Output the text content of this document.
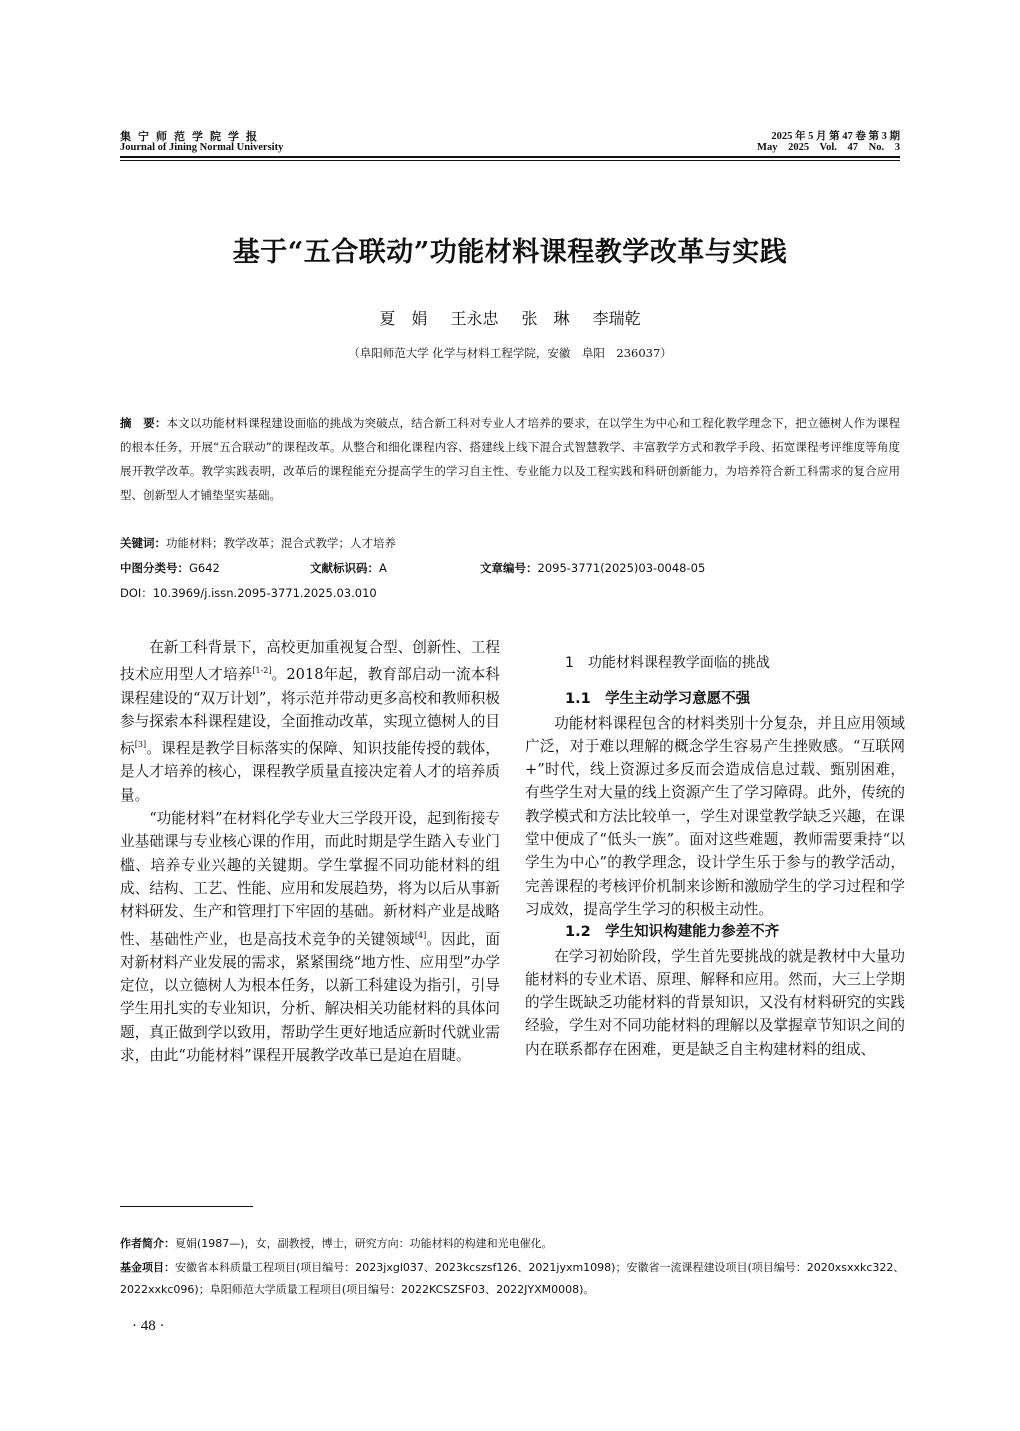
集宁师范学院学报
Journal of Jining Normal University
2025 年 5 月 第 47 卷 第 3 期
May 2025 Vol. 47 No. 3
基于“五合联动”功能材料课程教学改革与实践
夏　娟 王永忠 张　琳 李瑞乾
（阜阳师范大学 化学与材料工程学院，安徽　阜阳　236037）
摘　要：本文以功能材料课程建设面临的挑战为突破点，结合新工科对专业人才培养的要求，在以学生为中心和工程化教学理念下，把立德树人作为课程的根本任务，开展“五合联动”的课程改革。从整合和细化课程内容、搭建线上线下混合式智慧教学、丰富教学方式和教学手段、拓宽课程考评维度等角度展开教学改革。教学实践表明，改革后的课程能充分提高学生的学习自主性、专业能力以及工程实践和科研创新能力，为培养符合新工科需求的复合应用型、创新型人才铺垫坚实基础。
关键词：功能材料；教学改革；混合式教学；人才培养
中图分类号：G642	文献标识码：A	文章编号：2095-3771(2025)03-0048-05
DOI：10.3969/j.issn.2095-3771.2025.03.010

在新工科背景下，高校更加重视复合型、创新性、工程技术应用型人才培养[1-2]。2018年起，教育部启动一流本科课程建设的“双万计划”，将示范并带动更多高校和教师积极参与探索本科课程建设，全面推动改革，实现立德树人的目标[3]。课程是教学目标落实的保障、知识技能传授的载体，是人才培养的核心，课程教学质量直接决定着人才的培养质量。

“功能材料”在材料化学专业大三学段开设，起到衔接专业基础课与专业核心课的作用，而此时期是学生踏入专业门槛、培养专业兴趣的关键期。学生掌握不同功能材料的组成、结构、工艺、性能、应用和发展趋势，将为以后从事新材料研发、生产和管理打下牢固的基础。新材料产业是战略性、基础性产业，也是高技术竞争的关键领域[4]。因此，面对新材料产业发展的需求，紧紧围绕“地方性、应用型”办学定位，以立德树人为根本任务，以新工科建设为指引，引导学生用扎实的专业知识，分析、解决相关功能材料的具体问题，真正做到学以致用，帮助学生更好地适应新时代就业需求，由此“功能材料”课程开展教学改革已是迫在眉睫。

1　功能材料课程教学面临的挑战
1.1　学生主动学习意愿不强

功能材料课程包含的材料类别十分复杂，并且应用领域广泛，对于难以理解的概念学生容易产生挫败感。“互联网+”时代，线上资源过多反而会造成信息过载、甄别困难，有些学生对大量的线上资源产生了学习障碍。此外，传统的教学模式和方法比较单一，学生对课堂教学缺乏兴趣，在课堂中便成了“低头一族”。面对这些难题，教师需要秉持“以学生为中心”的教学理念，设计学生乐于参与的教学活动，完善课程的考核评价机制来诊断和激励学生的学习过程和学习成效，提高学生学习的积极主动性。

1.2　学生知识构建能力参差不齐

在学习初始阶段，学生首先要挑战的就是教材中大量功能材料的专业术语、原理、解释和应用。然而，大三上学期的学生既缺乏功能材料的背景知识，又没有材料研究的实践经验，学生对不同功能材料的理解以及掌握章节知识之间的内在联系都存在困难，更是缺乏自主构建材料的组成、

作者简介：夏娟(1987—)，女，副教授，博士，研究方向：功能材料的构建和光电催化。
基金项目：安徽省本科质量工程项目(项目编号：2023jxgl037、2023kcszsf126、2021jyxm1098)；安徽省一流课程建设项目(项目编号：2020xsxxkc322、2022xxkc096)；阜阳师范大学质量工程项目(项目编号：2022KCSZSF03、2022JYXM0008)。
· 48 ·
